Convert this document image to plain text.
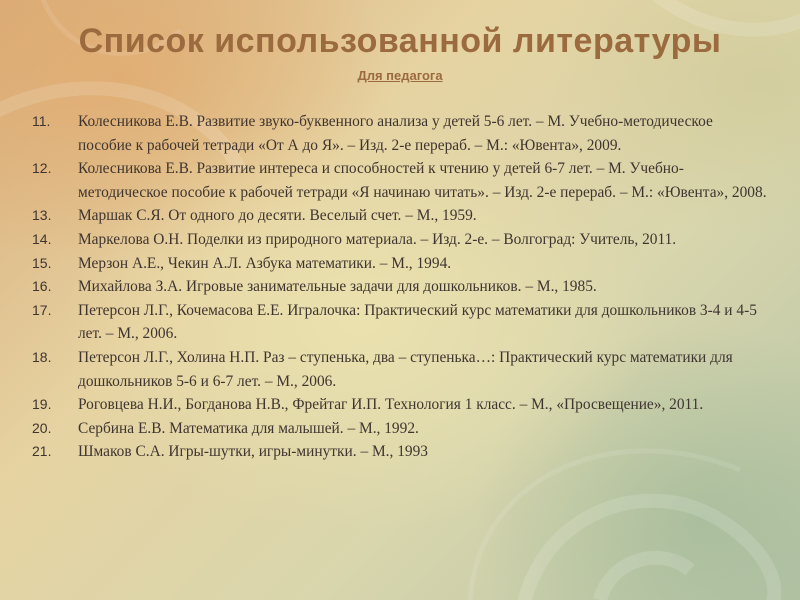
Список использованной литературы
Для педагога
11. Колесникова Е.В. Развитие звуко-буквенного анализа у детей 5-6 лет. – М. Учебно-методическое пособие к рабочей тетради «От А до Я». – Изд. 2-е перераб. – М.: «Ювента», 2009.
12. Колесникова Е.В. Развитие интереса и способностей к чтению у детей 6-7 лет. – М. Учебно-методическое пособие к рабочей тетради «Я начинаю читать». – Изд. 2-е перераб. – М.: «Ювента», 2008.
13. Маршак С.Я. От одного до десяти. Веселый счет. – М., 1959.
14. Маркелова О.Н. Поделки из природного материала. – Изд. 2-е. – Волгоград: Учитель, 2011.
15. Мерзон А.Е., Чекин А.Л. Азбука математики. – М., 1994.
16. Михайлова З.А. Игровые занимательные задачи для дошкольников. – М., 1985.
17. Петерсон Л.Г., Кочемасова Е.Е. Игралочка: Практический курс математики для дошкольников 3-4 и 4-5 лет. – М., 2006.
18. Петерсон Л.Г., Холина Н.П. Раз – ступенька, два – ступенька…: Практический курс математики для дошкольников 5-6 и 6-7 лет. – М., 2006.
19. Роговцева Н.И., Богданова Н.В., Фрейтаг И.П. Технология 1 класс. – М., «Просвещение», 2011.
20. Сербина Е.В. Математика для малышей. – М., 1992.
21. Шмаков С.А. Игры-шутки, игры-минутки. – М., 1993
